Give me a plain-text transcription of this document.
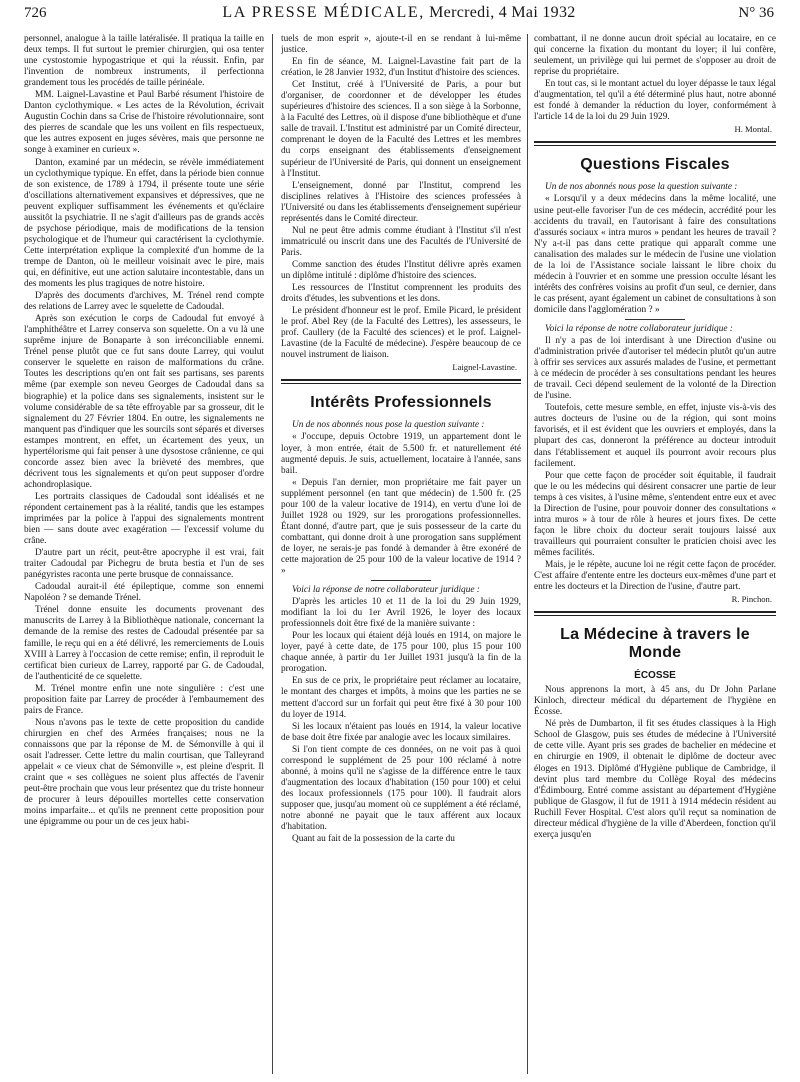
726	LA PRESSE MÉDICALE, Mercredi, 4 Mai 1932	N° 36

personnel, analogue à la taille latéralisée. Il pratiqua la taille en deux temps. Il fut surtout le premier chirurgien, qui osa tenter une cystostomie hypogastrique et qui la réussit. Enfin, par l'invention de nombreux instruments, il perfectionna grandement tous les procédés de taille périnéale.

MM. Laignel-Lavastine et Paul Barbé résument l'histoire de Danton cyclothymique. « Les actes de la Révolution, écrivait Augustin Cochin dans sa Crise de l'histoire révolutionnaire, sont des pierres de scandale que les uns voilent en fils respectueux, que les autres exposent en juges sévères, mais que personne ne songe à examiner en curieux ».

Danton, examiné par un médecin, se révèle immédiatement un cyclothymique typique. En effet, dans la période bien connue de son existence, de 1789 à 1794, il présente toute une série d'oscillations alternativement expansives et dépressives, que ne peuvent expliquer suffisamment les événements et qu'éclaire aussitôt la psychiatrie. Il ne s'agit d'ailleurs pas de grands accès de psychose périodique, mais de modifications de la tension psychologique et de l'humeur qui caractérisent la cyclothymie. Cette interprétation explique la complexité d'un homme de la trempe de Danton, où le meilleur voisinait avec le pire, mais qui, en définitive, eut une action salutaire incontestable, dans un des moments les plus tragiques de notre histoire.

D'après des documents d'archives, M. Trénel rend compte des relations de Larrey avec le squelette de Cadoudal.

Après son exécution le corps de Cadoudal fut envoyé à l'amphithéâtre et Larrey conserva son squelette. On a vu là une suprême injure de Bonaparte à son irréconciliable ennemi. Trénel pense plutôt que ce fut sans doute Larrey, qui voulut conserver le squelette en raison de malformations du crâne. Toutes les descriptions qu'en ont fait ses partisans, ses parents même (par exemple son neveu Georges de Cadoudal dans sa biographie) et la police dans ses signalements, insistent sur le volume considérable de sa tête effroyable par sa grosseur, dit le signalement du 27 Février 1804. En outre, les signalements ne manquent pas d'indiquer que les sourcils sont séparés et diverses estampes montrent, en effet, un écartement des yeux, un hypertélorisme qui fait penser à une dysostose crânienne, ce qui concorde assez bien avec la brièveté des membres, que décrivent tous les signalements et qu'on peut supposer d'ordre achondroplasique.

Les portraits classiques de Cadoudal sont idéalisés et ne répondent certainement pas à la réalité, tandis que les estampes imprimées par la police à l'appui des signalements montrent bien — sans doute avec exagération — l'excessif volume du crâne.

D'autre part un récit, peut-être apocryphe il est vrai, fait traiter Cadoudal par Pichegru de bruta bestia et l'un de ses panégyristes raconta une perte brusque de connaissance.

Cadoudal aurait-il été épileptique, comme son ennemi Napoléon ? se demande Trénel.

Trénel donne ensuite les documents provenant des manuscrits de Larrey à la Bibliothèque nationale, concernant la demande de la remise des restes de Cadoudal présentée par sa famille, le reçu qui en a été délivré, les remerciements de Louis XVIII à Larrey à l'occasion de cette remise; enfin, il reproduit le certificat bien curieux de Larrey, rapporté par G. de Cadoudal, de l'authenticité de ce squelette.

M. Trénel montre enfin une note singulière : c'est une proposition faite par Larrey de procéder à l'embaumement des pairs de France.

Nous n'avons pas le texte de cette proposition du candide chirurgien en chef des Armées françaises; nous ne la connaissons que par la réponse de M. de Sémonville à qui il osait l'adresser. Cette lettre du malin courtisan, que Talleyrand appelait « ce vieux chat de Sémonville », est pleine d'esprit. Il craint que « ses collègues ne soient plus affectés de l'avenir peut-être prochain que vous leur présentez que du triste honneur de procurer à leurs dépouilles mortelles cette conservation moins imparfaite... et qu'ils ne prennent cette proposition pour une épigramme ou pour un de ces jeux habi-

tuels de mon esprit », ajoute-t-il en se rendant à lui-même justice.

En fin de séance, M. Laignel-Lavastine fait part de la création, le 28 Janvier 1932, d'un Institut d'histoire des sciences.

Cet Institut, créé à l'Université de Paris, a pour but d'organiser, de coordonner et de développer les études supérieures d'histoire des sciences. Il a son siège à la Sorbonne, à la Faculté des Lettres, où il dispose d'une bibliothèque et d'une salle de travail. L'Institut est administré par un Comité directeur, comprenant le doyen de la Faculté des Lettres et les membres du corps enseignant des établissements d'enseignement supérieur de l'Université de Paris, qui donnent un enseignement à l'Institut.

L'enseignement, donné par l'Institut, comprend les disciplines relatives à l'Histoire des sciences professées à l'Université ou dans les établissements d'enseignement supérieur représentés dans le Comité directeur.

Nul ne peut être admis comme étudiant à l'Institut s'il n'est immatriculé ou inscrit dans une des Facultés de l'Université de Paris.

Comme sanction des études l'Institut délivre après examen un diplôme intitulé : diplôme d'histoire des sciences.

Les ressources de l'Institut comprennent les produits des droits d'études, les subventions et les dons.

Le président d'honneur est le prof. Emile Picard, le président le prof. Abel Rey (de la Faculté des Lettres), les assesseurs, le prof. Caullery (de la Faculté des sciences) et le prof. Laignel-Lavastine (de la Faculté de médecine). J'espère beaucoup de ce nouvel instrument de liaison.

Laignel-Lavastine.

Intérêts Professionnels

Un de nos abonnés nous pose la question suivante :

« J'occupe, depuis Octobre 1919, un appartement dont le loyer, à mon entrée, était de 5.500 fr. et naturellement été augmenté depuis. Je suis, actuellement, locataire à l'année, sans bail.

« Depuis l'an dernier, mon propriétaire me fait payer un supplément personnel (en tant que médecin) de 1.500 fr. (25 pour 100 de la valeur locative de 1914), en vertu d'une loi de Juillet 1928 ou 1929, sur les prorogations professionnelles. Étant donné, d'autre part, que je suis possesseur de la carte du combattant, qui donne droit à une prorogation sans supplément de loyer, ne serais-je pas fondé à demander à être exonéré de cette majoration de 25 pour 100 de la valeur locative de 1914 ? »

Voici la réponse de notre collaborateur juridique :

D'après les articles 10 et 11 de la loi du 29 Juin 1929, modifiant la loi du 1er Avril 1926, le loyer des locaux professionnels doit être fixé de la manière suivante :

Pour les locaux qui étaient déjà loués en 1914, on majore le loyer, payé à cette date, de 175 pour 100, plus 15 pour 100 chaque année, à partir du 1er Juillet 1931 jusqu'à la fin de la prorogation.

En sus de ce prix, le propriétaire peut réclamer au locataire, le montant des charges et impôts, à moins que les parties ne se mettent d'accord sur un forfait qui peut être fixé à 30 pour 100 du loyer de 1914.

Si les locaux n'étaient pas loués en 1914, la valeur locative de base doit être fixée par analogie avec les locaux similaires.

Si l'on tient compte de ces données, on ne voit pas à quoi correspond le supplément de 25 pour 100 réclamé à notre abonné, à moins qu'il ne s'agisse de la différence entre le taux d'augmentation des locaux d'habitation (150 pour 100) et celui des locaux professionnels (175 pour 100). Il faudrait alors supposer que, jusqu'au moment où ce supplément a été réclamé, notre abonné ne payait que le taux afférent aux locaux d'habitation.

Quant au fait de la possession de la carte du

combattant, il ne donne aucun droit spécial au locataire, en ce qui concerne la fixation du montant du loyer; il lui confère, seulement, un privilège qui lui permet de s'opposer au droit de reprise du propriétaire.

En tout cas, si le montant actuel du loyer dépasse le taux légal d'augmentation, tel qu'il a été déterminé plus haut, notre abonné est fondé à demander la réduction du loyer, conformément à l'article 14 de la loi du 29 Juin 1929.

H. Montal.

Questions Fiscales

Un de nos abonnés nous pose la question suivante :

« Lorsqu'il y a deux médecins dans la même localité, une usine peut-elle favoriser l'un de ces médecin, accrédité pour les accidents du travail, en l'autorisant à faire des consultations d'assurés sociaux « intra muros » pendant les heures de travail ? N'y a-t-il pas dans cette pratique qui apparaît comme une canalisation des malades sur le médecin de l'usine une violation de la loi de l'Assistance sociale laissant le libre choix du médecin à l'ouvrier et en somme une pression occulte lésant les intérêts des confrères voisins au profit d'un seul, ce dernier, dans le cas présent, ayant également un cabinet de consultations à son domicile dans l'agglomération ? »

Voici la réponse de notre collaborateur juridique :

Il n'y a pas de loi interdisant à une Direction d'usine ou d'administration privée d'autoriser tel médecin plutôt qu'un autre à offrir ses services aux assurés malades de l'usine, et permettant à ce médecin de procéder à ses consultations pendant les heures de travail. Ceci dépend seulement de la volonté de la Direction de l'usine.

Toutefois, cette mesure semble, en effet, injuste vis-à-vis des autres docteurs de l'usine ou de la région, qui sont moins favorisés, et il est évident que les ouvriers et employés, dans la plupart des cas, donneront la préférence au docteur introduit dans l'établissement et auquel ils pourront avoir recours plus facilement.

Pour que cette façon de procéder soit équitable, il faudrait que le ou les médecins qui désirent consacrer une partie de leur temps à ces visites, à l'usine même, s'entendent entre eux et avec la Direction de l'usine, pour pouvoir donner des consultations « intra muros » à tour de rôle à heures et jours fixes. De cette façon le libre choix du docteur serait toujours laissé aux travailleurs qui pourraient consulter le praticien choisi avec les mêmes facilités.

Mais, je le répète, aucune loi ne régit cette façon de procéder. C'est affaire d'entente entre les docteurs eux-mêmes d'une part et entre les docteurs et la Direction de l'usine, d'autre part.

R. Pinchon.

La Médecine à travers le Monde
ÉCOSSE

Nous apprenons la mort, à 45 ans, du Dr John Parlane Kinloch, directeur médical du département de l'hygiène en Écosse.

Né près de Dumbarton, il fit ses études classiques à la High School de Glasgow, puis ses études de médecine à l'Université de cette ville. Ayant pris ses grades de bachelier en médecine et en chirurgie en 1909, il obtenait le diplôme de docteur avec éloges en 1913. Diplômé d'Hygiène publique de Cambridge, il devint plus tard membre du Collège Royal des médecins d'Édimbourg. Entré comme assistant au département d'Hygiène publique de Glasgow, il fut de 1911 à 1914 médecin résident au Ruchill Fever Hospital. C'est alors qu'il reçut sa nomination de directeur médical d'hygiène de la ville d'Aberdeen, fonction qu'il exerça jusqu'en
